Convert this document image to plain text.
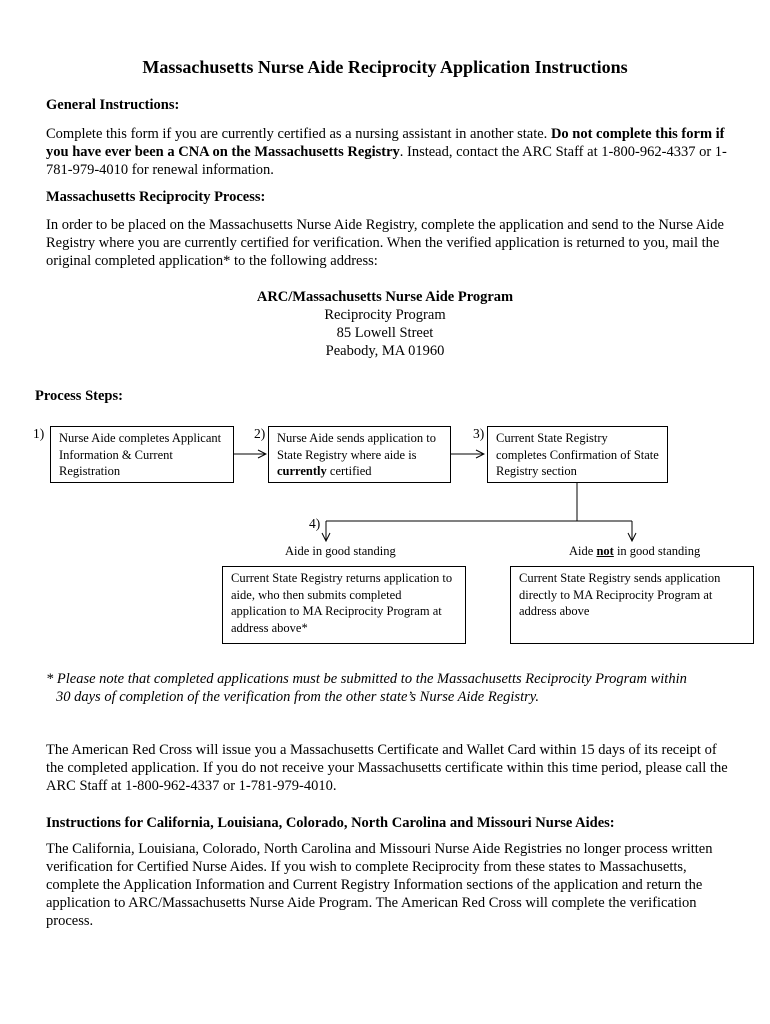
Massachusetts Nurse Aide Reciprocity Application Instructions
General Instructions:
Complete this form if you are currently certified as a nursing assistant in another state. Do not complete this form if you have ever been a CNA on the Massachusetts Registry. Instead, contact the ARC Staff at 1-800-962-4337 or 1-781-979-4010 for renewal information.
Massachusetts Reciprocity Process:
In order to be placed on the Massachusetts Nurse Aide Registry, complete the application and send to the Nurse Aide Registry where you are currently certified for verification. When the verified application is returned to you, mail the original completed application* to the following address:
ARC/Massachusetts Nurse Aide Program
Reciprocity Program
85 Lowell Street
Peabody, MA 01960
Process Steps:
1)	Nurse Aide completes Applicant Information & Current Registration
2) Nurse Aide sends application to State Registry where aide is currently certified
3) Current State Registry completes Confirmation of State Registry section
4)
Aide in good standing	Aide not in good standing
Current State Registry returns application to aide, who then submits completed application to MA Reciprocity Program at address above*
Current State Registry sends application directly to MA Reciprocity Program at address above
* Please note that completed applications must be submitted to the Massachusetts Reciprocity Program within 30 days of completion of the verification from the other state’s Nurse Aide Registry.
The American Red Cross will issue you a Massachusetts Certificate and Wallet Card within 15 days of its receipt of the completed application. If you do not receive your Massachusetts certificate within this time period, please call the ARC Staff at 1-800-962-4337 or 1-781-979-4010.
Instructions for California, Louisiana, Colorado, North Carolina and Missouri Nurse Aides:
The California, Louisiana, Colorado, North Carolina and Missouri Nurse Aide Registries no longer process written verification for Certified Nurse Aides. If you wish to complete Reciprocity from these states to Massachusetts, complete the Application Information and Current Registry Information sections of the application and return the application to ARC/Massachusetts Nurse Aide Program. The American Red Cross will complete the verification process.
